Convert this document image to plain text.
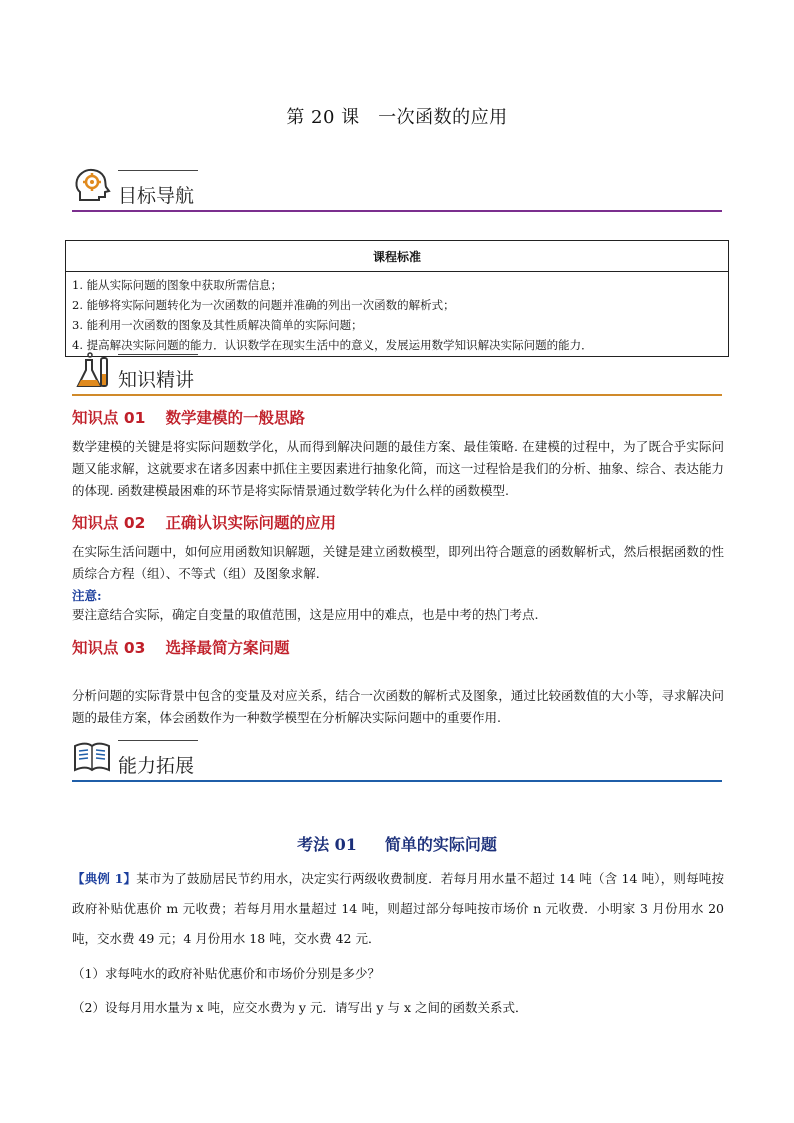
第 20 课　一次函数的应用
目标导航
课程标准

1. 能从实际问题的图象中获取所需信息；
2. 能够将实际问题转化为一次函数的问题并准确的列出一次函数的解析式；
3. 能利用一次函数的图象及其性质解决简单的实际问题；
4. 提高解决实际问题的能力．认识数学在现实生活中的意义，发展运用数学知识解决实际问题的能力．
知识精讲
知识点 01 数学建模的一般思路
数学建模的关键是将实际问题数学化，从而得到解决问题的最佳方案、最佳策略. 在建模的过程中，为了既合乎实际问题又能求解，这就要求在诸多因素中抓住主要因素进行抽象化简，而这一过程恰是我们的分析、抽象、综合、表达能力的体现. 函数建模最困难的环节是将实际情景通过数学转化为什么样的函数模型.
知识点 02 正确认识实际问题的应用
在实际生活问题中，如何应用函数知识解题，关键是建立函数模型，即列出符合题意的函数解析式，然后根据函数的性质综合方程（组）、不等式（组）及图象求解.
注意:
要注意结合实际，确定自变量的取值范围，这是应用中的难点，也是中考的热门考点.
知识点 03 选择最简方案问题
分析问题的实际背景中包含的变量及对应关系，结合一次函数的解析式及图象，通过比较函数值的大小等，寻求解决问题的最佳方案，体会函数作为一种数学模型在分析解决实际问题中的重要作用.
能力拓展
考法 01 简单的实际问题
【典例 1】某市为了鼓励居民节约用水，决定实行两级收费制度．若每月用水量不超过 14 吨（含 14 吨），则每吨按政府补贴优惠价 m 元收费；若每月用水量超过 14 吨，则超过部分每吨按市场价 n 元收费．小明家 3 月份用水 20 吨，交水费 49 元；4 月份用水 18 吨，交水费 42 元．
（1）求每吨水的政府补贴优惠价和市场价分别是多少？
（2）设每月用水量为 x 吨，应交水费为 y 元．请写出 y 与 x 之间的函数关系式．
